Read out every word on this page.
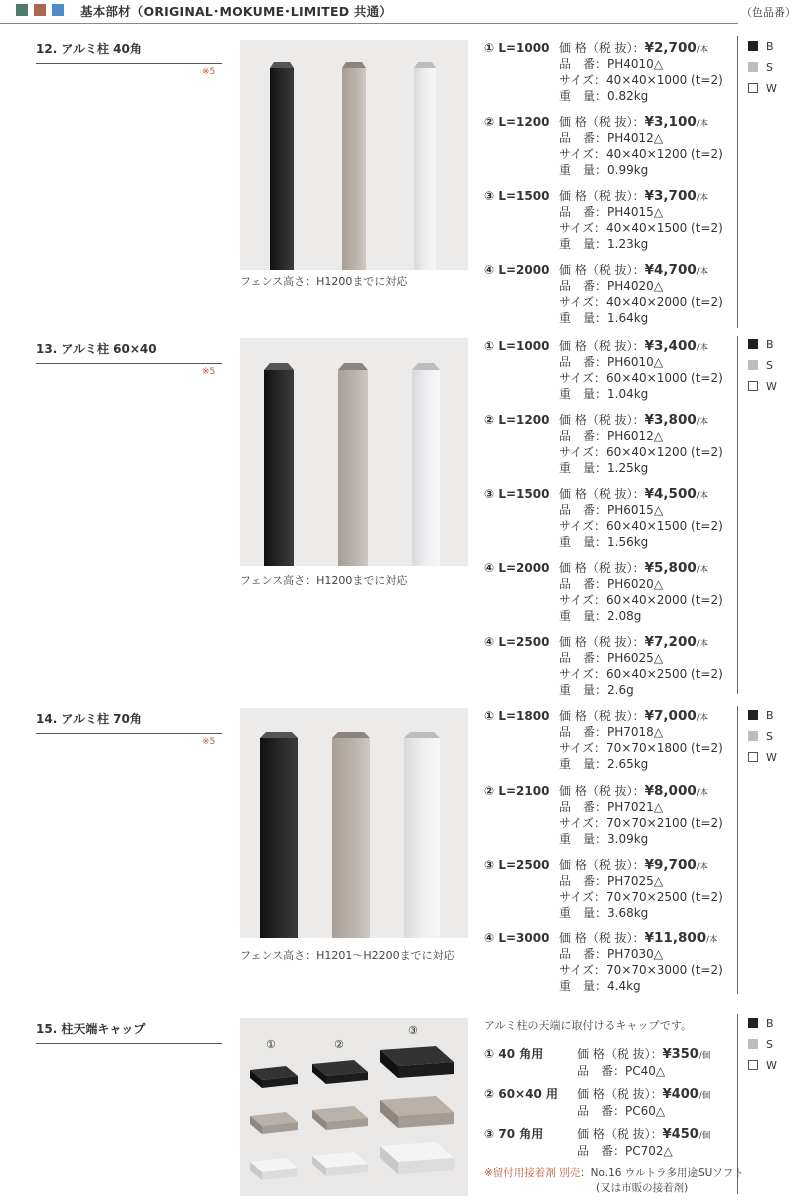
基本部材（ORIGINAL･MOKUME･LIMITED 共通）	（色品番）
12. アルミ柱 40角
※5
フェンス高さ：H1200までに対応
B
S
W
① L=1000 価 格（税 抜）：¥2,700/本
品　番：PH4010△
サイズ：40×40×1000 (t=2)
重　量：0.82kg
② L=1200 価 格（税 抜）：¥3,100/本
品　番：PH4012△
サイズ：40×40×1200 (t=2)
重　量：0.99kg
③ L=1500 価 格（税 抜）：¥3,700/本
品　番：PH4015△
サイズ：40×40×1500 (t=2)
重　量：1.23kg
④ L=2000 価 格（税 抜）：¥4,700/本
品　番：PH4020△
サイズ：40×40×2000 (t=2)
重　量：1.64kg
13. アルミ柱 60×40
※5
フェンス高さ：H1200までに対応
B
S
W
① L=1000 価 格（税 抜）：¥3,400/本
品　番：PH6010△
サイズ：60×40×1000 (t=2)
重　量：1.04kg
② L=1200 価 格（税 抜）：¥3,800/本
品　番：PH6012△
サイズ：60×40×1200 (t=2)
重　量：1.25kg
③ L=1500 価 格（税 抜）：¥4,500/本
品　番：PH6015△
サイズ：60×40×1500 (t=2)
重　量：1.56kg
④ L=2000 価 格（税 抜）：¥5,800/本
品　番：PH6020△
サイズ：60×40×2000 (t=2)
重　量：2.08g
④ L=2500 価 格（税 抜）：¥7,200/本
品　番：PH6025△
サイズ：60×40×2500 (t=2)
重　量：2.6g
14. アルミ柱 70角
※5
フェンス高さ：H1201～H2200までに対応
B
S
W
① L=1800 価 格（税 抜）：¥7,000/本
品　番：PH7018△
サイズ：70×70×1800 (t=2)
重　量：2.65kg
② L=2100 価 格（税 抜）：¥8,000/本
品　番：PH7021△
サイズ：70×70×2100 (t=2)
重　量：3.09kg
③ L=2500 価 格（税 抜）：¥9,700/本
品　番：PH7025△
サイズ：70×70×2500 (t=2)
重　量：3.68kg
④ L=3000 価 格（税 抜）：¥11,800/本
品　番：PH7030△
サイズ：70×70×3000 (t=2)
重　量：4.4kg
15. 柱天端キャップ
①	②
③
B
S
W
アルミ柱の天端に取付けるキャップです。
① 40 角用	価 格（税 抜）：¥350/個
品　番：PC40△
② 60×40 用 価 格（税 抜）：¥400/個
品　番：PC60△
③ 70 角用	価 格（税 抜）：¥450/個
品　番：PC702△
※留付用接着剤 別売：No.16 ウルトラ多用途SUソフト
(又は市販の接着剤)
